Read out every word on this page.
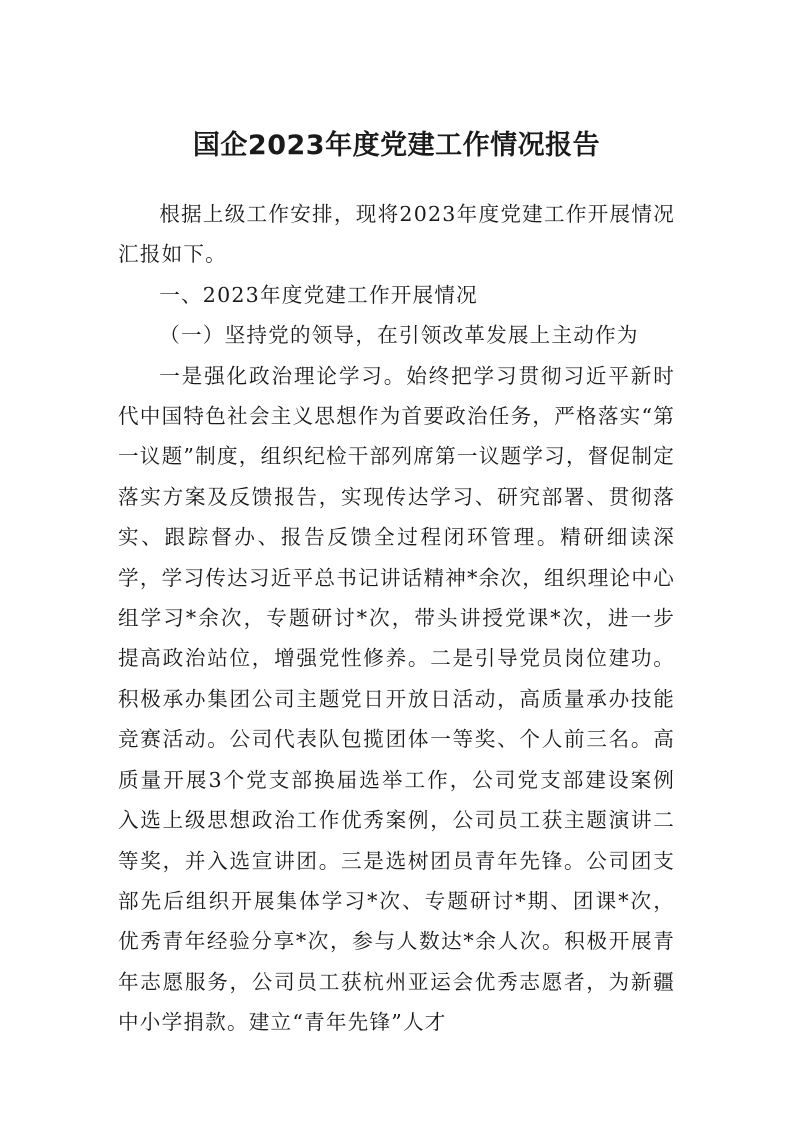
国企2023年度党建工作情况报告

根据上级工作安排，现将2023年度党建工作开展情况汇报如下。

一、2023年度党建工作开展情况

（一）坚持党的领导，在引领改革发展上主动作为

一是强化政治理论学习。始终把学习贯彻习近平新时代中国特色社会主义思想作为首要政治任务，严格落实“第一议题”制度，组织纪检干部列席第一议题学习，督促制定落实方案及反馈报告，实现传达学习、研究部署、贯彻落实、跟踪督办、报告反馈全过程闭环管理。精研细读深学，学习传达习近平总书记讲话精神*余次，组织理论中心组学习*余次，专题研讨*次，带头讲授党课*次，进一步提高政治站位，增强党性修养。二是引导党员岗位建功。积极承办集团公司主题党日开放日活动，高质量承办技能竞赛活动。公司代表队包揽团体一等奖、个人前三名。高质量开展3个党支部换届选举工作，公司党支部建设案例入选上级思想政治工作优秀案例，公司员工获主题演讲二等奖，并入选宣讲团。三是选树团员青年先锋。公司团支部先后组织开展集体学习*次、专题研讨*期、团课*次，优秀青年经验分享*次，参与人数达*余人次。积极开展青年志愿服务，公司员工获杭州亚运会优秀志愿者，为新疆中小学捐款。建立“青年先锋”人才
